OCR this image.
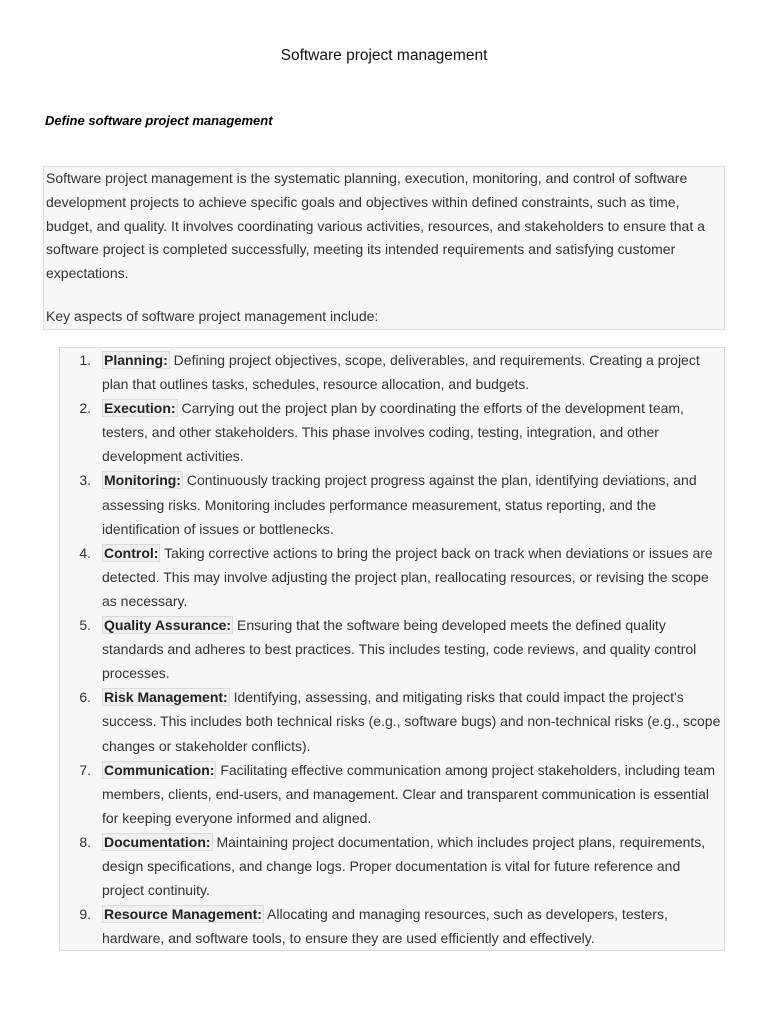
Software project management
Define software project management

Software project management is the systematic planning, execution, monitoring, and control of software development projects to achieve specific goals and objectives within defined constraints, such as time, budget, and quality. It involves coordinating various activities, resources, and stakeholders to ensure that a software project is completed successfully, meeting its intended requirements and satisfying customer expectations.

Key aspects of software project management include:

1. Planning: Defining project objectives, scope, deliverables, and requirements. Creating a project plan that outlines tasks, schedules, resource allocation, and budgets.
2. Execution: Carrying out the project plan by coordinating the efforts of the development team, testers, and other stakeholders. This phase involves coding, testing, integration, and other development activities.
3. Monitoring: Continuously tracking project progress against the plan, identifying deviations, and assessing risks. Monitoring includes performance measurement, status reporting, and the identification of issues or bottlenecks.
4. Control: Taking corrective actions to bring the project back on track when deviations or issues are detected. This may involve adjusting the project plan, reallocating resources, or revising the scope as necessary.
5. Quality Assurance: Ensuring that the software being developed meets the defined quality standards and adheres to best practices. This includes testing, code reviews, and quality control processes.
6. Risk Management: Identifying, assessing, and mitigating risks that could impact the project's success. This includes both technical risks (e.g., software bugs) and non-technical risks (e.g., scope changes or stakeholder conflicts).
7. Communication: Facilitating effective communication among project stakeholders, including team members, clients, end-users, and management. Clear and transparent communication is essential for keeping everyone informed and aligned.
8. Documentation: Maintaining project documentation, which includes project plans, requirements, design specifications, and change logs. Proper documentation is vital for future reference and project continuity.
9. Resource Management: Allocating and managing resources, such as developers, testers, hardware, and software tools, to ensure they are used efficiently and effectively.
